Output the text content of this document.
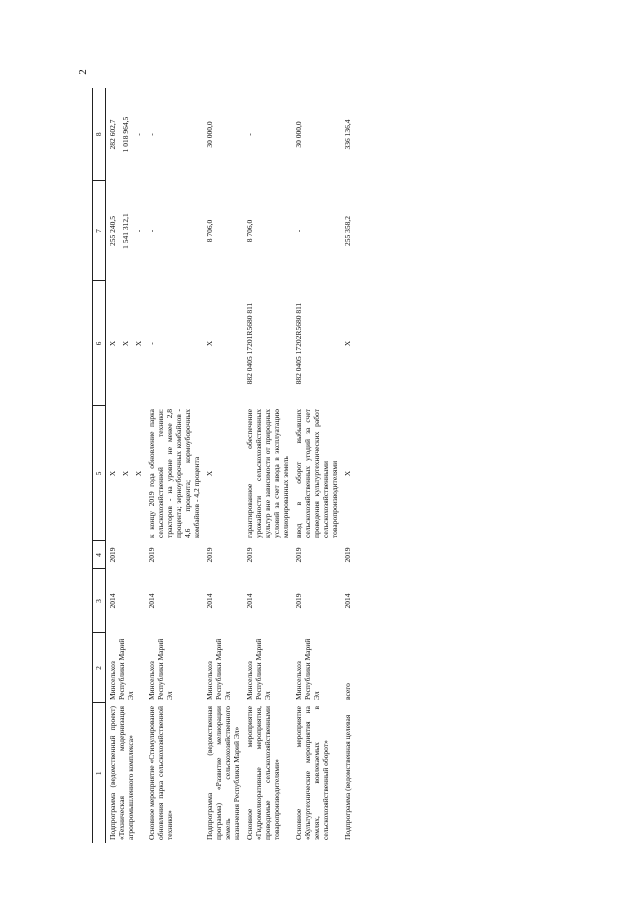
2
1	2	3	4	5	6	7	8
Подпрограмма (ведомственный проект) «Техническая модернизация агропромышленного комплекса»	Минсельхоз Республики Марий Эл	2014	2019	X	X	255 240,5	282 602,7
				X	X	1 541 312,1	1 018 964,5
				X	X	-	-
Основное мероприятие «Стимулирование обновления парка сельскохозяйственной техники»	Минсельхоз Республики Марий Эл	2014	2019	к концу 2019 года обновление парка сельскохозяйственной техники: тракторов - на уровне не менее 2,8 процента; зерноуборочных комбайнов - 4,6 процента; кормоуборочных комбайнов - 4,2 процента	-	-	-
Подпрограмма (ведомственная программа) «Развитие мелиорации земель сельскохозяйственного назначения Республики Марий Эл»	Минсельхоз Республики Марий Эл	2014	2019	X	X	8 706,0	30 000,0
Основное мероприятие «Гидромелиоративные мероприятия, проводимые сельскохозяйственными товаропроизводителями»	Минсельхоз Республики Марий Эл	2014	2019	гарантированное обеспечение урожайности сельскохозяйственных культур вне зависимости от природных условий за счет ввода в эксплуатацию мелиорированных земель	882 0405 17201R5680 811	8 706,0	-
Основное мероприятие «Культуртехнические мероприятия на землях, вовлекаемых в сельскохозяйственный оборот»	Минсельхоз Республики Марий Эл	2019	2019	ввод в оборот выбывших сельскохозяйственных угодий за счет проведения культуртехнических работ сельскохозяйственными товаропроизводителями	882 0405 17202R5680 811	-	30 000,0
Подпрограмма (ведомственная целевая	всего	2014	2019	X	X	255 358,2	336 136,4
